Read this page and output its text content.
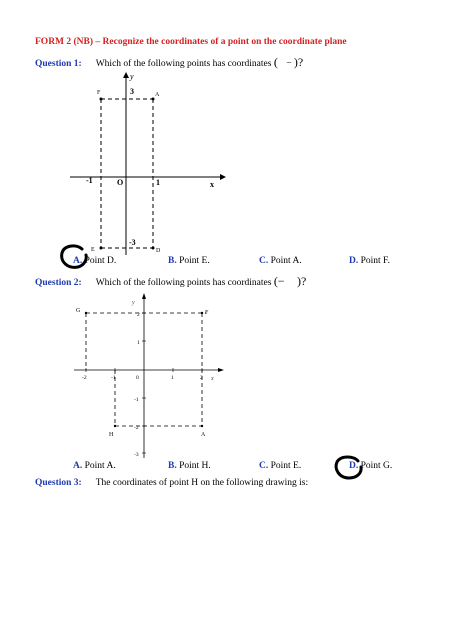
FORM 2 (NB) – Recognize the coordinates of a point on the coordinate plane
Question 1: Which of the following points has coordinates ( − )?
y
x
O
-1	1
3
-3
F	A
E	D
A. Point D.	B. Point E.	C. Point A.	D. Point F.
Question 2: Which of the following points has coordinates (− )?
y
x
-2	-1	0	1	2
2
1
-1
-2
-3
G	F
H	A
A. Point A.	B. Point H.	C. Point E.	D. Point G.
Question 3: The coordinates of point H on the following drawing is:
